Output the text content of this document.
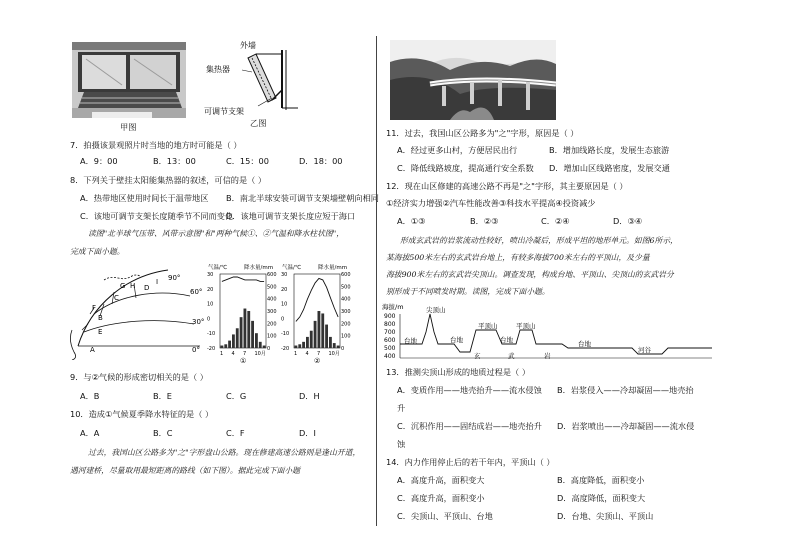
甲图
外墙
集热器
可调节支架
乙图
7．拍摄该景观照片时当地的地方时可能是（ ）
A．9：00	B．13：00	C．15：00	D．18：00
8．下列关于壁挂太阳能集热器的叙述，可信的是（ ）
A．热带地区使用时间长于温带地区 B．南北半球安装可调节支架墙壁朝向相同
C．该地可调节支架长度随季节不同而变化
D．该地可调节支架长度应短于海口
读图"北半球气压带、风带示意图"和"两种气候①、②气温和降水柱状图"，
完成下面小题。
90°
60°
30°
0°
A
B
C
D
E
F
G H	I
气温/℃	降水量/mm
30
20
10
0
-10
-20
600
500
400
300
200
100
0
1 4 7 10月
①
气温/℃	降水量/mm
30
20
10
0
-10
-20
600
500
400
300
200
100
0
1 4 7 10月
②
9．与②气候的形成密切相关的是（ ）
A．B	B．E	C．G	D．H
10．造成①气候夏季降水特征的是（ ）
A．A	B．C	C．F	D．I
过去，我国山区公路多为"之"字形盘山公路。现在修建高速公路则是逢山开道，
遇河建桥，尽量取用最短距离的路线（如下图）。据此完成下面小题
11．过去，我国山区公路多为"之"字形，原因是（ ）
A．经过更多山村，方便居民出行	B．增加线路长度，发展生态旅游
C．降低线路坡度，提高通行安全系数 D．增加山区线路密度，发展交通
12．现在山区修建的高速公路不再是"之"字形，其主要原因是（ ）
①经济实力增强②汽车性能改善③科技水平提高④投资减少
A．①③	B．②③	C．②④	D．③④
形成玄武岩的岩浆流动性较好，喷出冷凝后，形成平坦的地形单元。如图6所示，
某海拔500米左右的玄武岩台地上，有较多海拔700米左右的平顶山，及少量
海拔900米左右的玄武岩尖顶山。调查发现，构成台地、平顶山、尖顶山的玄武岩分
别形成于不同喷发时期。读图，完成下面小题。
海拔/m
900
800
700
600
500
400
尖顶山
平顶山	平顶山
台地	台地	台地	台地
河谷
玄	武	岩
13．推测尖顶山形成的地质过程是（ ）
A．变质作用——地壳抬升——流水侵蚀 B．岩浆侵入——冷却凝固——地壳抬
升
C．沉积作用——固结成岩——地壳抬升 D．岩浆喷出——冷却凝固——流水侵
蚀
14．内力作用停止后的若干年内，平顶山（ ）
A．高度升高，面积变大	B．高度降低，面积变小
C．高度升高，面积变小	D．高度降低，面积变大
C．尖顶山、平顶山、台地	D．台地、尖顶山、平顶山
